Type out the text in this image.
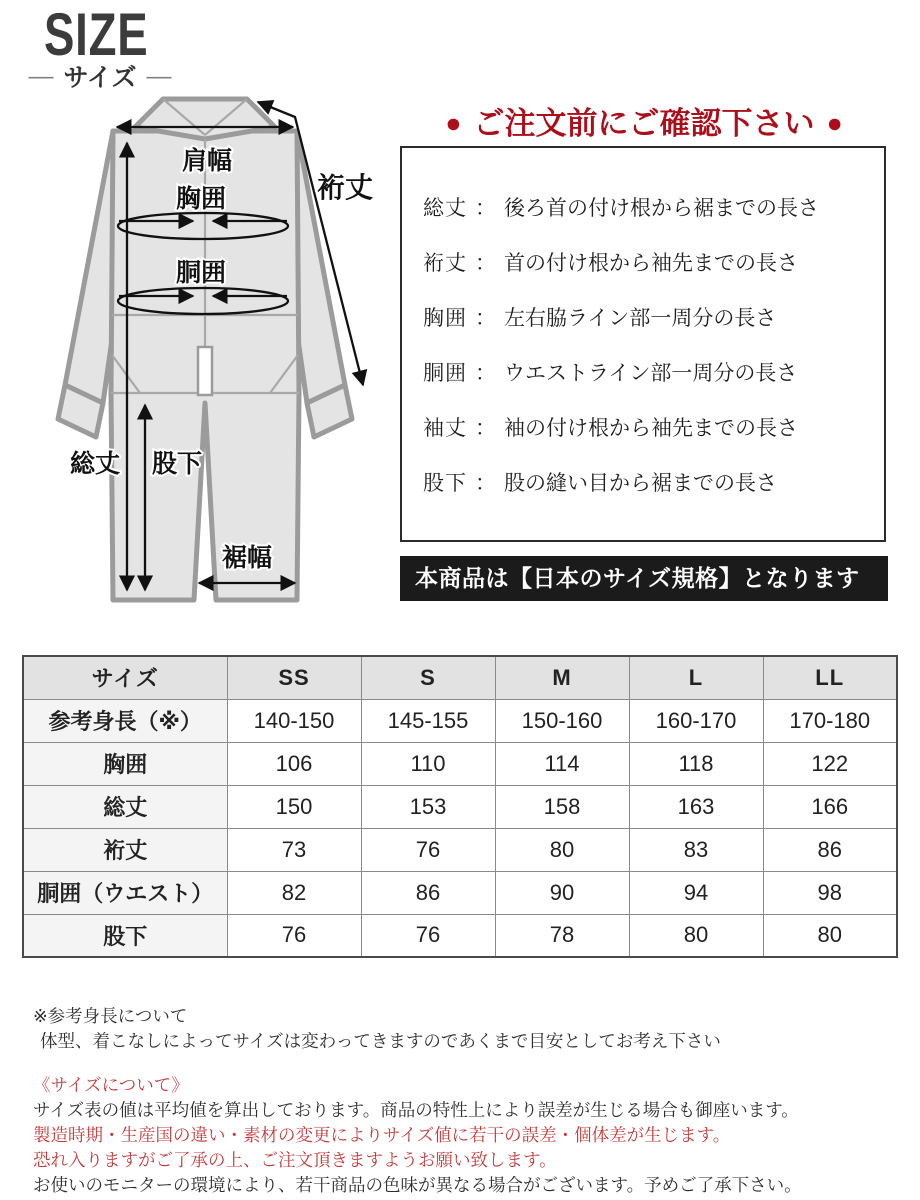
SIZE
— サイズ —
肩幅
胸囲
胴囲
裄丈
総丈 股下
裾幅
● ご注文前にご確認下さい ●
総丈 ： 後ろ首の付け根から裾までの長さ
裄丈 ： 首の付け根から袖先までの長さ
胸囲 ： 左右脇ライン部一周分の長さ
胴囲 ： ウエストライン部一周分の長さ
袖丈 ： 袖の付け根から袖先までの長さ
股下 ： 股の縫い目から裾までの長さ
本商品は【日本のサイズ規格】となります
サイズ	SS	S	M	L	LL
参考身長（※）	140-150	145-155	150-160	160-170	170-180
胸囲	106	110	114	118	122
総丈	150	153	158	163	166
裄丈	73	76	80	83	86
胴囲（ウエスト）	82	86	90	94	98
股下	76	76	78	80	80
※参考身長について
体型、着こなしによってサイズは変わってきますのであくまで目安としてお考え下さい
《サイズについて》
サイズ表の値は平均値を算出しております。商品の特性上により誤差が生じる場合も御座います。
製造時期・生産国の違い・素材の変更によりサイズ値に若干の誤差・個体差が生じます。
恐れ入りますがご了承の上、ご注文頂きますようお願い致します。
お使いのモニターの環境により、若干商品の色味が異なる場合がございます。予めご了承下さい。
